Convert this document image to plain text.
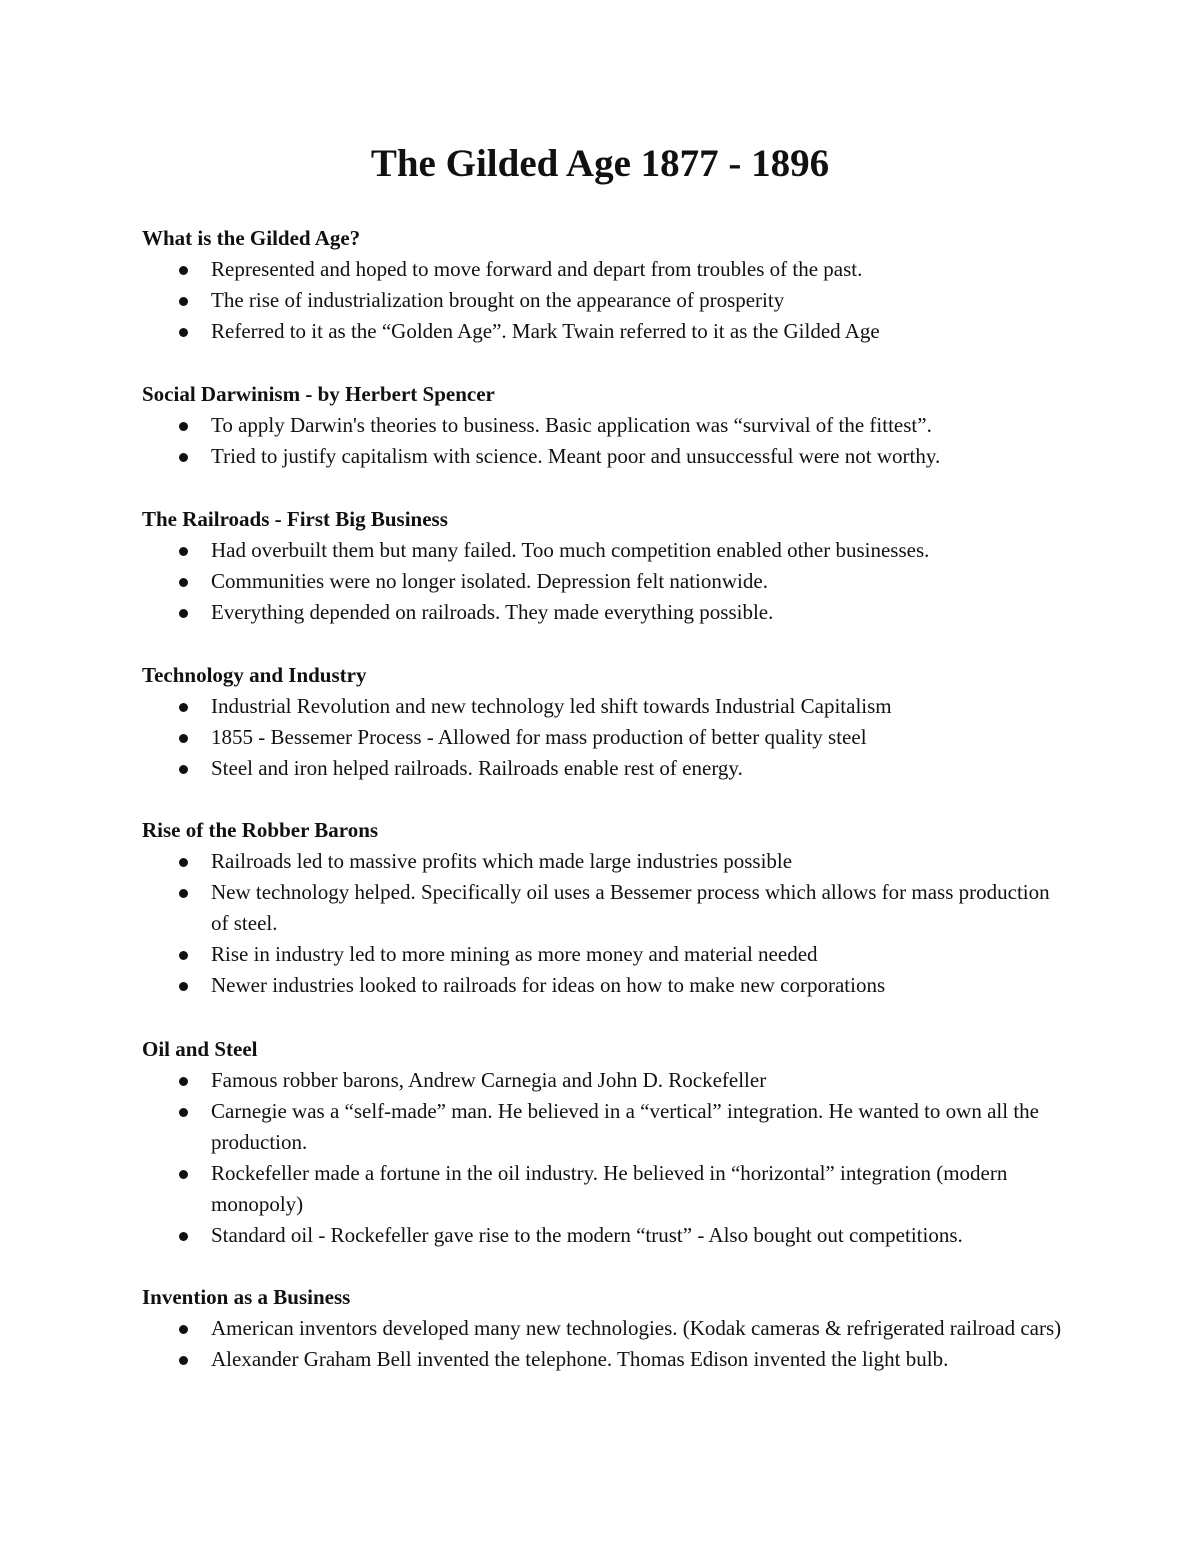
The Gilded Age 1877 - 1896
What is the Gilded Age?
Represented and hoped to move forward and depart from troubles of the past.
The rise of industrialization brought on the appearance of prosperity
Referred to it as the “Golden Age”. Mark Twain referred to it as the Gilded Age
Social Darwinism - by Herbert Spencer
To apply Darwin's theories to business. Basic application was “survival of the fittest”.
Tried to justify capitalism with science. Meant poor and unsuccessful were not worthy.
The Railroads - First Big Business
Had overbuilt them but many failed. Too much competition enabled other businesses.
Communities were no longer isolated. Depression felt nationwide.
Everything depended on railroads. They made everything possible.
Technology and Industry
Industrial Revolution and new technology led shift towards Industrial Capitalism
1855 - Bessemer Process - Allowed for mass production of better quality steel
Steel and iron helped railroads. Railroads enable rest of energy.
Rise of the Robber Barons
Railroads led to massive profits which made large industries possible
New technology helped. Specifically oil uses a Bessemer process which allows for mass production of steel.
Rise in industry led to more mining as more money and material needed
Newer industries looked to railroads for ideas on how to make new corporations
Oil and Steel
Famous robber barons, Andrew Carnegia and John D. Rockefeller
Carnegie was a “self-made” man. He believed in a “vertical” integration. He wanted to own all the production.
Rockefeller made a fortune in the oil industry. He believed in “horizontal” integration (modern monopoly)
Standard oil - Rockefeller gave rise to the modern “trust” - Also bought out competitions.
Invention as a Business
American inventors developed many new technologies. (Kodak cameras & refrigerated railroad cars)
Alexander Graham Bell invented the telephone. Thomas Edison invented the light bulb.
